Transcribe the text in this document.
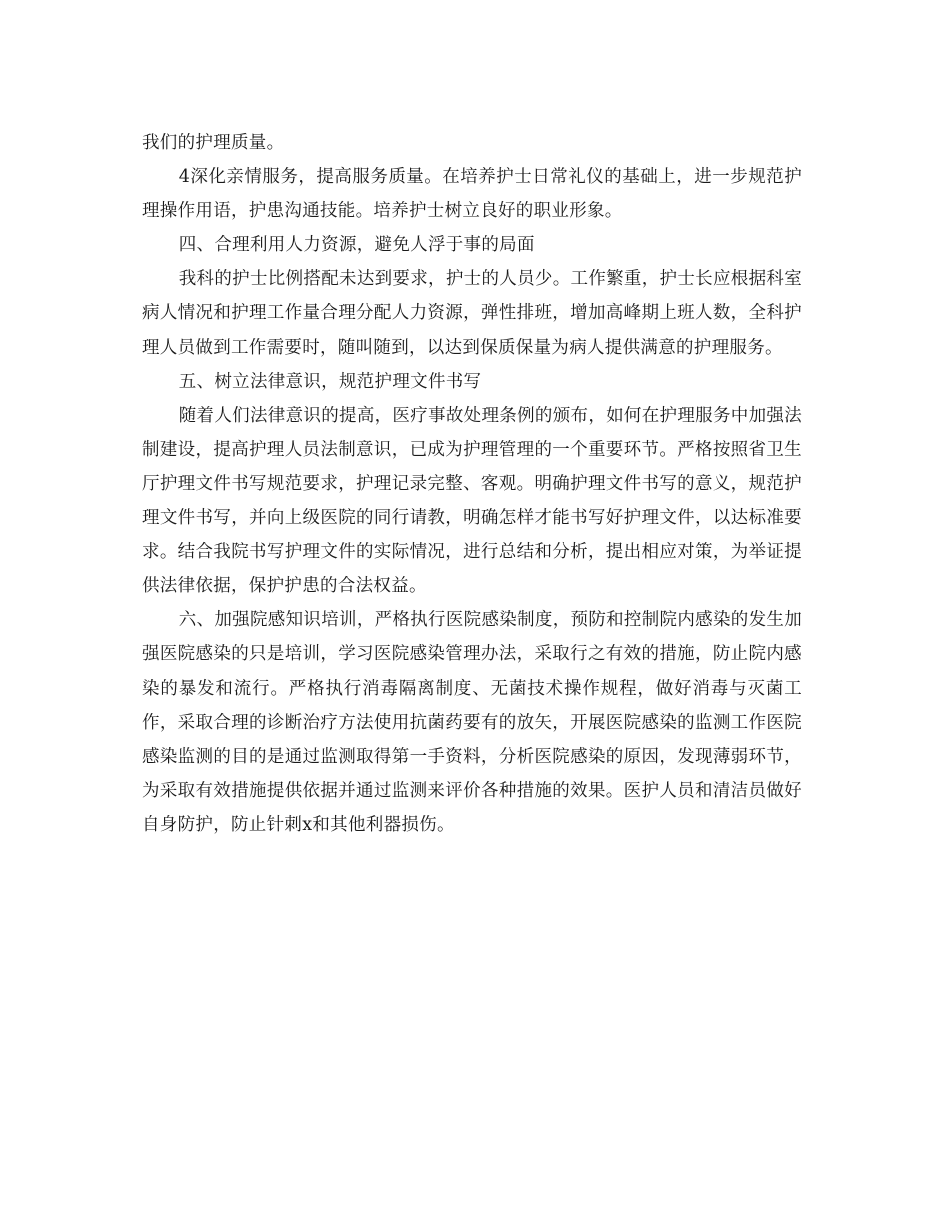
我们的护理质量。

4深化亲情服务，提高服务质量。在培养护士日常礼仪的基础上，进一步规范护理操作用语，护患沟通技能。培养护士树立良好的职业形象。

四、合理利用人力资源，避免人浮于事的局面

我科的护士比例搭配未达到要求，护士的人员少。工作繁重，护士长应根据科室病人情况和护理工作量合理分配人力资源，弹性排班，增加高峰期上班人数，全科护理人员做到工作需要时，随叫随到，以达到保质保量为病人提供满意的护理服务。

五、树立法律意识，规范护理文件书写

随着人们法律意识的提高，医疗事故处理条例的颁布，如何在护理服务中加强法制建设，提高护理人员法制意识，已成为护理管理的一个重要环节。严格按照省卫生厅护理文件书写规范要求，护理记录完整、客观。明确护理文件书写的意义，规范护理文件书写，并向上级医院的同行请教，明确怎样才能书写好护理文件，以达标准要求。结合我院书写护理文件的实际情况，进行总结和分析，提出相应对策，为举证提供法律依据，保护护患的合法权益。

六、加强院感知识培训，严格执行医院感染制度，预防和控制院内感染的发生加强医院感染的只是培训，学习医院感染管理办法，采取行之有效的措施，防止院内感染的暴发和流行。严格执行消毒隔离制度、无菌技术操作规程，做好消毒与灭菌工作，采取合理的诊断治疗方法使用抗菌药要有的放矢，开展医院感染的监测工作医院感染监测的目的是通过监测取得第一手资料，分析医院感染的原因，发现薄弱环节，为采取有效措施提供依据并通过监测来评价各种措施的效果。医护人员和清洁员做好自身防护，防止针刺x和其他利器损伤。
